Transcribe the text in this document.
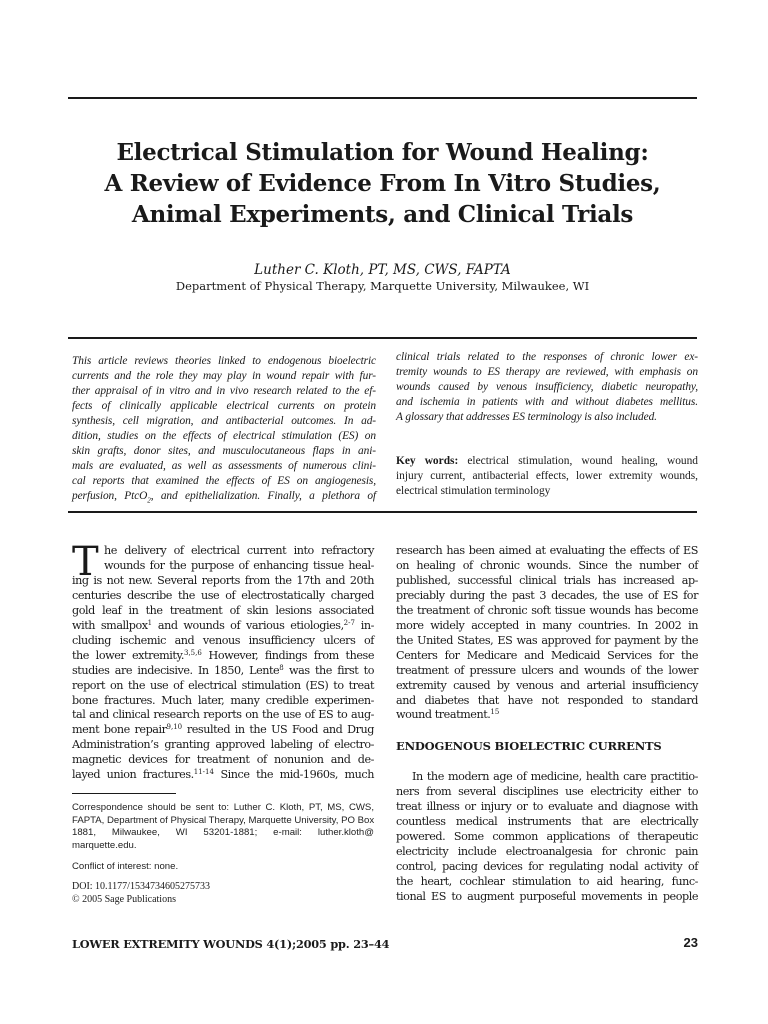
Electrical Stimulation for Wound Healing:
A Review of Evidence From In Vitro Studies,
Animal Experiments, and Clinical Trials
Luther C. Kloth, PT, MS, CWS, FAPTA
Department of Physical Therapy, Marquette University, Milwaukee, WI
This article reviews theories linked to endogenous bioelectric
currents and the role they may play in wound repair with fur-
ther appraisal of in vitro and in vivo research related to the ef-
fects of clinically applicable electrical currents on protein
synthesis, cell migration, and antibacterial outcomes. In ad-
dition, studies on the effects of electrical stimulation (ES) on
skin grafts, donor sites, and musculocutaneous flaps in ani-
mals are evaluated, as well as assessments of numerous clini-
cal reports that examined the effects of ES on angiogenesis,
perfusion, PtcO$_2$, and epithelialization. Finally, a plethora of
clinical trials related to the responses of chronic lower ex-
tremity wounds to ES therapy are reviewed, with emphasis on
wounds caused by venous insufficiency, diabetic neuropathy,
and ischemia in patients with and without diabetes mellitus.
A glossary that addresses ES terminology is also included.
Key words: electrical stimulation, wound healing, wound
injury current, antibacterial effects, lower extremity wounds,
electrical stimulation terminology
T he delivery of electrical current into refractory
wounds for the purpose of enhancing tissue heal-
ing is not new. Several reports from the 17th and 20th
centuries describe the use of electrostatically charged
gold leaf in the treatment of skin lesions associated
with smallpox$^1$ and wounds of various etiologies,$^{2-7}$ in-
cluding ischemic and venous insufficiency ulcers of
the lower extremity.$^{3,5,6}$ However, findings from these
studies are indecisive. In 1850, Lente$^8$ was the first to
report on the use of electrical stimulation (ES) to treat
bone fractures. Much later, many credible experimen-
tal and clinical research reports on the use of ES to aug-
ment bone repair$^{9,10}$ resulted in the US Food and Drug
Administration’s granting approved labeling of electro-
magnetic devices for treatment of nonunion and de-
layed union fractures.$^{11-14}$ Since the mid-1960s, much
Correspondence should be sent to: Luther C. Kloth, PT, MS, CWS,
FAPTA, Department of Physical Therapy, Marquette University, PO Box
1881, Milwaukee, WI 53201-1881; e-mail: luther.kloth@
marquette.edu.
Conflict of interest: none.
DOI: 10.1177/1534734605275733
© 2005 Sage Publications
research has been aimed at evaluating the effects of ES
on healing of chronic wounds. Since the number of
published, successful clinical trials has increased ap-
preciably during the past 3 decades, the use of ES for
the treatment of chronic soft tissue wounds has become
more widely accepted in many countries. In 2002 in
the United States, ES was approved for payment by the
Centers for Medicare and Medicaid Services for the
treatment of pressure ulcers and wounds of the lower
extremity caused by venous and arterial insufficiency
and diabetes that have not responded to standard
wound treatment.$^{15}$
ENDOGENOUS BIOELECTRIC CURRENTS
In the modern age of medicine, health care practitio-
ners from several disciplines use electricity either to
treat illness or injury or to evaluate and diagnose with
countless medical instruments that are electrically
powered. Some common applications of therapeutic
electricity include electroanalgesia for chronic pain
control, pacing devices for regulating nodal activity of
the heart, cochlear stimulation to aid hearing, func-
tional ES to augment purposeful movements in people
LOWER EXTREMITY WOUNDS 4(1);2005 pp. 23–44	23
